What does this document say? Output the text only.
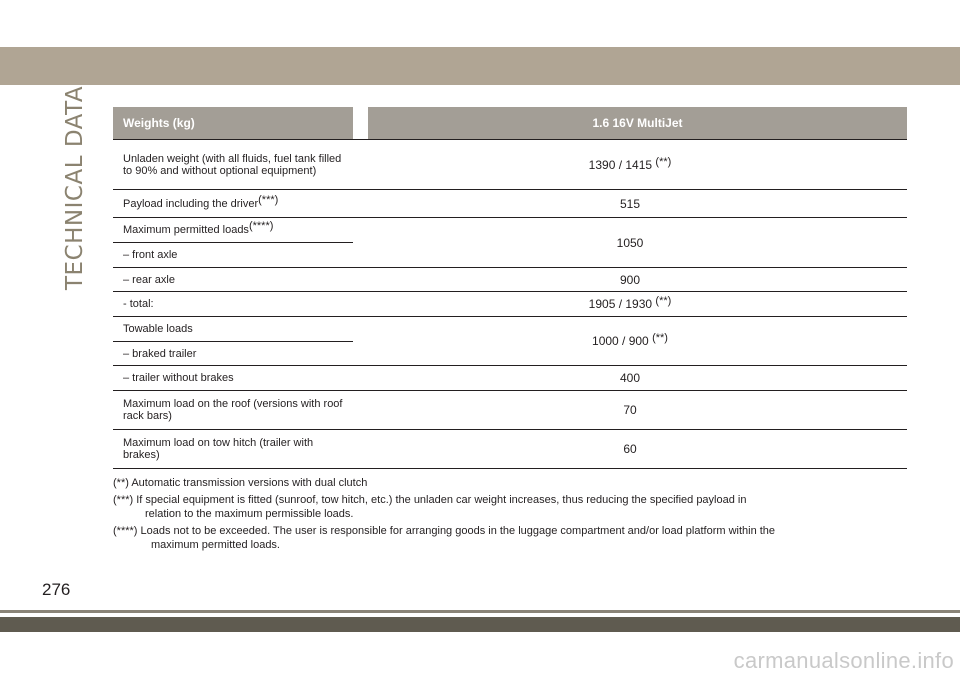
TECHNICAL DATA	Weights (kg)		1.6 16V MultiJet
Unladen weight (with all fluids, fuel tank filled to 90% and without optional equipment)	1390 / 1415 (**)
Payload including the driver(***)	515	
Maximum permitted loads(****)	1050	
– front axle		
– rear axle	900	
- total:	1905 / 1930 (**)
Towable loads	1000 / 900 (**)
– braked trailer		
– trailer without brakes	400	
Maximum load on the roof (versions with roof rack bars)	70	
Maximum load on tow hitch (trailer with brakes)	60	
(**) Automatic transmission versions with dual clutch
(***) If special equipment is fitted (sunroof, tow hitch, etc.) the unladen car weight increases, thus reducing the specified payload in
relation to the maximum permissible loads.
(****) Loads not to be exceeded. The user is responsible for arranging goods in the luggage compartment and/or load platform within the
maximum permitted loads.
276
carmanualsonline.info
